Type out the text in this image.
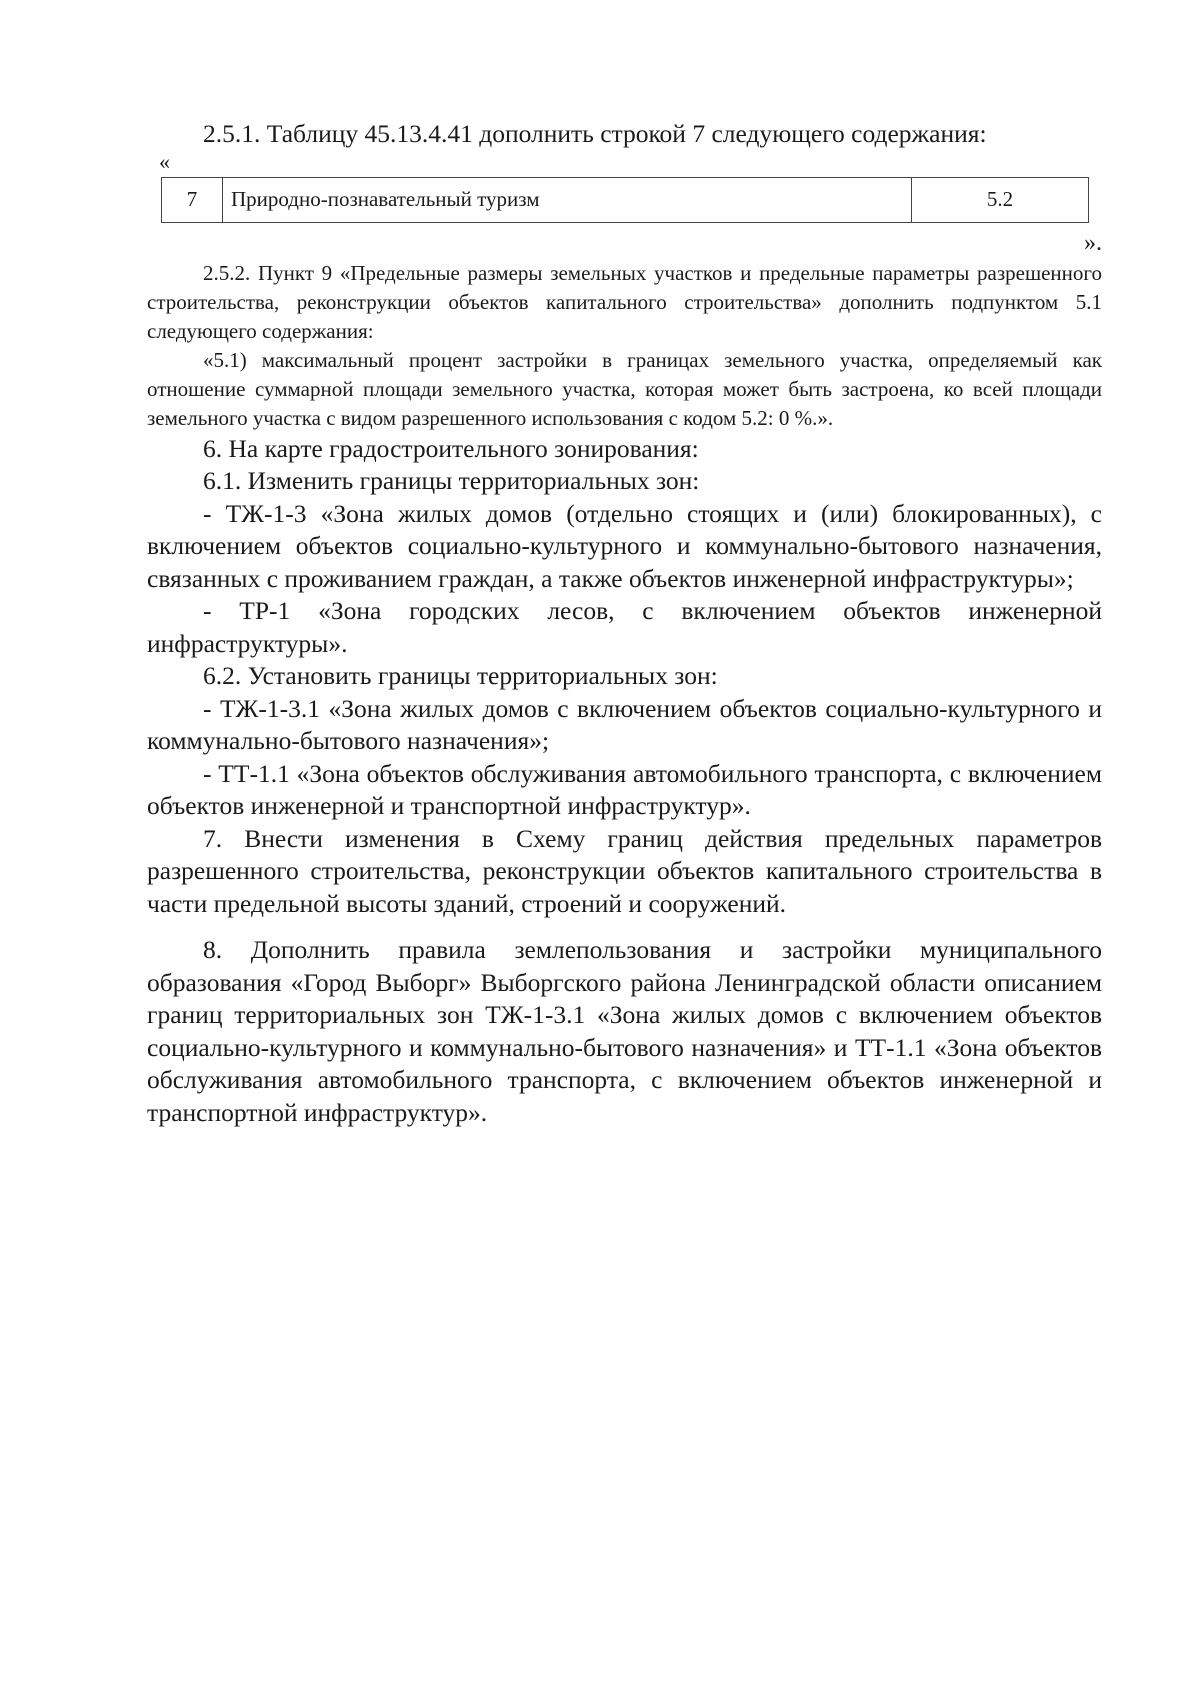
2.5.1. Таблицу 45.13.4.41 дополнить строкой 7 следующего содержания:

«
7	Природно-познавательный туризм	5.2
».

2.5.2. Пункт 9 «Предельные размеры земельных участков и предельные параметры разрешенного строительства, реконструкции объектов капитального строительства» дополнить подпунктом 5.1 следующего содержания:

«5.1) максимальный процент застройки в границах земельного участка, определяемый как отношение суммарной площади земельного участка, которая может быть застроена, ко всей площади земельного участка с видом разрешенного использования с кодом 5.2: 0 %.».

6. На карте градостроительного зонирования:

6.1. Изменить границы территориальных зон:

- ТЖ-1-3 «Зона жилых домов (отдельно стоящих и (или) блокированных), с включением объектов социально-культурного и коммунально-бытового назначения, связанных с проживанием граждан, а также объектов инженерной инфраструктуры»;

- ТР-1 «Зона городских лесов, с включением объектов инженерной инфраструктуры».

6.2. Установить границы территориальных зон:

- ТЖ-1-3.1 «Зона жилых домов с включением объектов социально-культурного и коммунально-бытового назначения»;

- ТТ-1.1 «Зона объектов обслуживания автомобильного транспорта, с включением объектов инженерной и транспортной инфраструктур».

7. Внести изменения в Схему границ действия предельных параметров разрешенного строительства, реконструкции объектов капитального строительства в части предельной высоты зданий, строений и сооружений.

8. Дополнить правила землепользования и застройки муниципального образования «Город Выборг» Выборгского района Ленинградской области описанием границ территориальных зон ТЖ-1-3.1 «Зона жилых домов с включением объектов социально-культурного и коммунально-бытового назначения» и ТТ-1.1 «Зона объектов обслуживания автомобильного транспорта, с включением объектов инженерной и транспортной инфраструктур».
